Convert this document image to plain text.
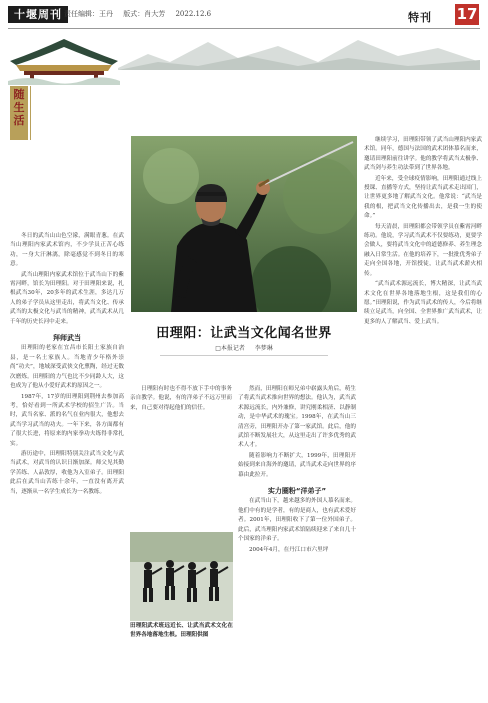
十堰周刊 责任编辑：王丹 版式：肖大芳 2022.12.6	特刊 17
随生活
田理阳：让武当文化闻名世界
□本报记者 李梦琳

冬日的武当山山色空濛，满眼青葱。在武当山理阳内家武术馆内，不少学员正苦心练功，一身大汗淋漓，除毫感觉不到冬日的寒意。

武当山理阳内家武术馆位于武当山下的紫霄河畔，馆长为田理阳。对于田理阳来说，扎根武当30年，20多年的武术生涯，多达几万人的弟子学员从这里走出，将武当文化、传承武当的太极文化与武当的精神，武当武术从几千年的历史长河中走来。

拜师武当

田理阳的老家在宜昌市长阳土家族自治县，是一名土家族人。当地青少年格外崇尚“功夫”，地域深受武侠文化熏陶，经过无数次磨炼。田理阳的力气也比不少同龄人大，这也成为了他从小爱好武术的原因之一。

1987年，17岁的田理阳到荆州去参加高考，恰好看到一所武术学校的招生广告。当时，武当名家、派的名气在业内很大，他想去武当学习武当的功夫。一年下来，各方面都有了很大长进，将原来的内家拳功夫练得非常扎实。

游历途中，田理阳特别关注武当文化与武当武术，对武当的认识日渐加深。师父见其勤学苦练、人品敦厚，收他为入室弟子。田理阳此后在武当山苦练十余年，一直没有离开武当，逐渐从一名学生成长为一名教练。

继续学习，田理阳带领了武当山理阳内家武术馆。同年，德国与法国的武术团体慕名而来，邀请田理阳前往讲学。他的教学将武当太极拳、武当剑与养生功法带到了世界各地。

近年来，受全球疫情影响，田理阳通过线上授课、直播等方式，坚持让武当武术走出国门，让世界更多地了解武当文化。他常说：“武当是我的根，把武当文化传播出去，是我一生的使命。”

每天清晨，田理阳都会带领学员在紫霄河畔练功。他说，学习武当武术不仅要练功，更要学会做人，要将武当文化中的道德修养、养生理念融入日常生活。在他的培养下，一批批优秀弟子走向全国各地，开馆授徒，让武当武术薪火相传。

“武当武术源远流长，博大精深，让武当武术文化在世界各地落地生根，这是我们的心愿。”田理阳说，作为武当武术的传人，今后将继续立足武当，向全国、全世界推广武当武术，让更多的人了解武当、爱上武当。

然而，田理阳在师兄弟中崭露头角后，萌生了将武当武术推向世界的想法。他认为，武当武术源远流长，内外兼修，讲究刚柔相济、以静制动，是中华武术的瑰宝。1998年，在武当山三清宫旁，田理阳开办了第一家武馆。此后，他的武馆不断发展壮大，从这里走出了许多优秀的武术人才。

随着影响力不断扩大，1999年，田理阳开始接到来自海外的邀请，武当武术走向世界的序幕由此拉开。

实力圈粉“洋弟子”

在武当山下，越来越多的外国人慕名而来。他们中有的是学者，有的是商人，也有武术爱好者。2001年，田理阳收下了第一位外国弟子。此后，武当理阳内家武术馆陆续迎来了来自几十个国家的洋弟子。

2004年4月，在丹江口市六里坪

日理阳有时也不得不放下手中的事务亲自教学。他说，有的洋弟子不远万里而来，自己要对得起他们的信任。

田理阳武术班远近长、让武当武术文化在世界各地落地生根。田理阳供图
